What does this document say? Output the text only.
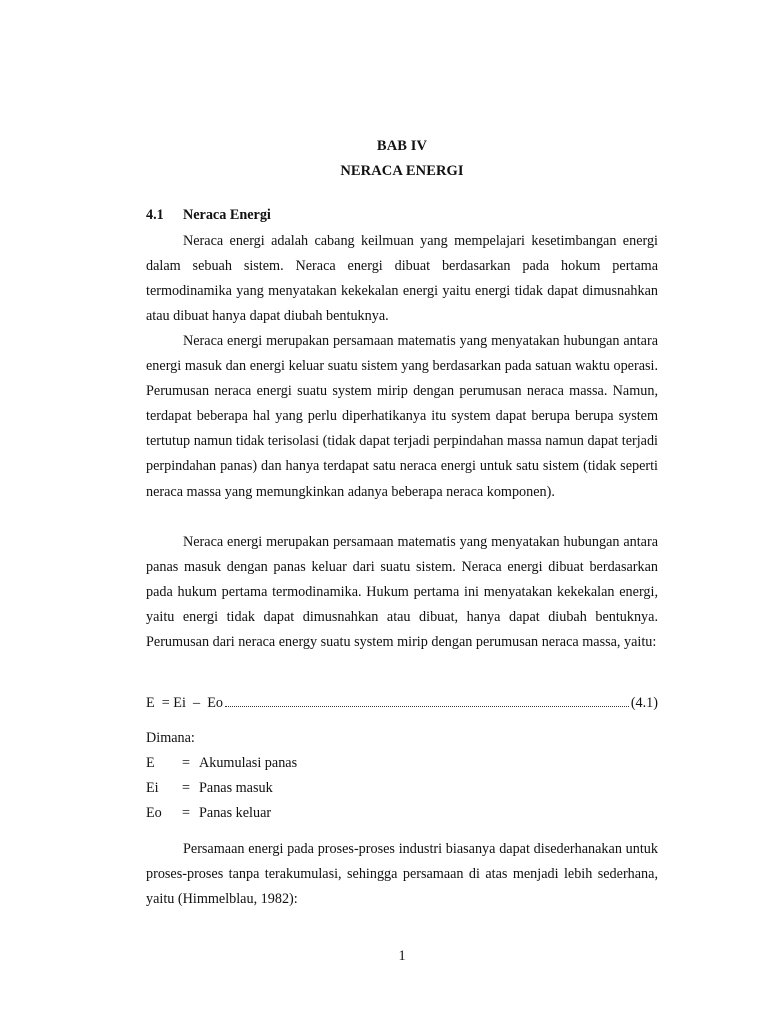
BAB IV
NERACA ENERGI
4.1 Neraca Energi

Neraca energi adalah cabang keilmuan yang mempelajari kesetimbangan energi dalam sebuah sistem. Neraca energi dibuat berdasarkan pada hokum pertama termodinamika yang menyatakan kekekalan energi yaitu energi tidak dapat dimusnahkan atau dibuat hanya dapat diubah bentuknya.

Neraca energi merupakan persamaan matematis yang menyatakan hubungan antara energi masuk dan energi keluar suatu sistem yang berdasarkan pada satuan waktu operasi. Perumusan neraca energi suatu system mirip dengan perumusan neraca massa. Namun, terdapat beberapa hal yang perlu diperhatikanya itu system dapat berupa berupa system tertutup namun tidak terisolasi (tidak dapat terjadi perpindahan massa namun dapat terjadi perpindahan panas) dan hanya terdapat satu neraca energi untuk satu sistem (tidak seperti neraca massa yang memungkinkan adanya beberapa neraca komponen).

Neraca energi merupakan persamaan matematis yang menyatakan hubungan antara panas masuk dengan panas keluar dari suatu sistem. Neraca energi dibuat berdasarkan pada hukum pertama termodinamika. Hukum pertama ini menyatakan kekekalan energi, yaitu energi tidak dapat dimusnahkan atau dibuat, hanya dapat diubah bentuknya. Perumusan dari neraca energy suatu system mirip dengan perumusan neraca massa, yaitu:

E  = Ei  –  Eo	(4.1)
Dimana:
E	= Akumulasi panas
Ei	= Panas masuk
Eo	= Panas keluar

Persamaan energi pada proses-proses industri biasanya dapat disederhanakan untuk proses-proses tanpa terakumulasi, sehingga persamaan di atas menjadi lebih sederhana, yaitu (Himmelblau, 1982):

1
